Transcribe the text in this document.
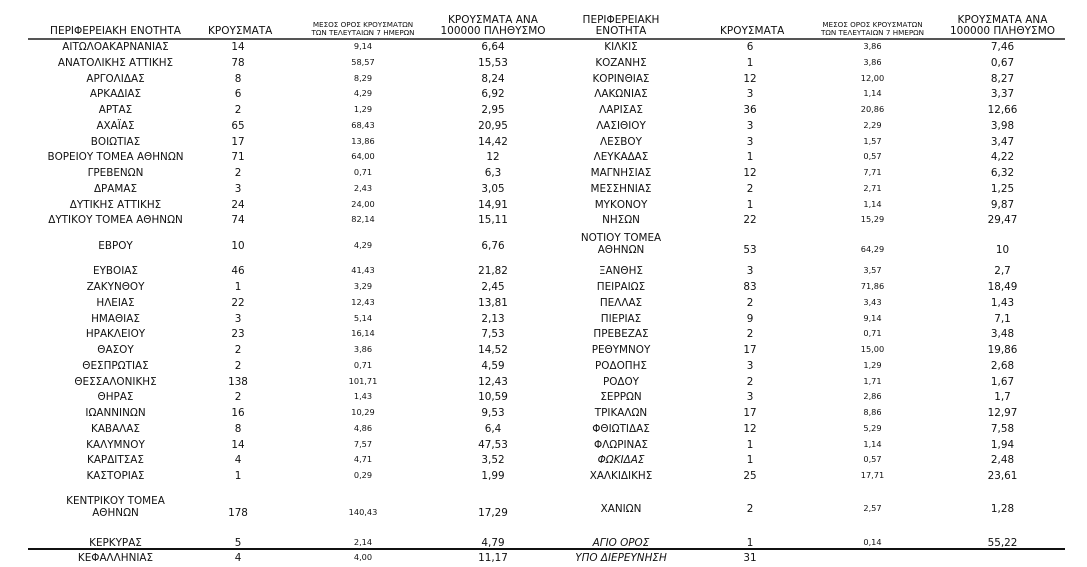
ΠΕΡΙΦΕΡΕΙΑΚΗ ΕΝΟΤΗΤΑ	ΚΡΟΥΣΜΑΤΑ
ΜΕΣΟΣ ΟΡΟΣ ΚΡΟΥΣΜΑΤΩΝ
ΤΩΝ ΤΕΛΕΥΤΑΙΩΝ 7 ΗΜΕΡΩΝ
ΚΡΟΥΣΜΑΤΑ ΑΝΑ
100000 ΠΛΗΘΥΣΜΟ
ΑΙΤΩΛΟΑΚΑΡΝΑΝΙΑΣ	14	9,14	6,64
ΑΝΑΤΟΛΙΚΗΣ ΑΤΤΙΚΗΣ	78	58,57	15,53
ΑΡΓΟΛΙΔΑΣ	8	8,29	8,24
ΑΡΚΑΔΙΑΣ	6	4,29	6,92
ΑΡΤΑΣ	2	1,29	2,95
ΑΧΑΪΑΣ	65	68,43	20,95
ΒΟΙΩΤΙΑΣ	17	13,86	14,42
ΒΟΡΕΙΟΥ ΤΟΜΕΑ ΑΘΗΝΩΝ	71	64,00	12
ΓΡΕΒΕΝΩΝ	2	0,71	6,3
ΔΡΑΜΑΣ	3	2,43	3,05
ΔΥΤΙΚΗΣ ΑΤΤΙΚΗΣ	24	24,00	14,91
ΔΥΤΙΚΟΥ ΤΟΜΕΑ ΑΘΗΝΩΝ	74	82,14	15,11
ΕΒΡΟΥ	10	4,29	6,76
ΕΥΒΟΙΑΣ	46	41,43	21,82
ΖΑΚΥΝΘΟΥ	1	3,29	2,45
ΗΛΕΙΑΣ	22	12,43	13,81
ΗΜΑΘΙΑΣ	3	5,14	2,13
ΗΡΑΚΛΕΙΟΥ	23	16,14	7,53
ΘΑΣΟΥ	2	3,86	14,52
ΘΕΣΠΡΩΤΙΑΣ	2	0,71	4,59
ΘΕΣΣΑΛΟΝΙΚΗΣ	138	101,71	12,43
ΘΗΡΑΣ	2	1,43	10,59
ΙΩΑΝΝΙΝΩΝ	16	10,29	9,53
ΚΑΒΑΛΑΣ	8	4,86	6,4
ΚΑΛΥΜΝΟΥ	14	7,57	47,53
ΚΑΡΔΙΤΣΑΣ	4	4,71	3,52
ΚΑΣΤΟΡΙΑΣ	1	0,29	1,99
ΚΕΝΤΡΙΚΟΥ ΤΟΜΕΑ
ΑΘΗΝΩΝ	178	140,43	17,29
ΚΕΡΚΥΡΑΣ	5	2,14	4,79
ΚΕΦΑΛΛΗΝΙΑΣ	4	4,00	11,17
ΠΕΡΙΦΕΡΕΙΑΚΗ
ΕΝΟΤΗΤΑ	ΚΡΟΥΣΜΑΤΑ
ΜΕΣΟΣ ΟΡΟΣ ΚΡΟΥΣΜΑΤΩΝ
ΤΩΝ ΤΕΛΕΥΤΑΙΩΝ 7 ΗΜΕΡΩΝ
ΚΡΟΥΣΜΑΤΑ ΑΝΑ
100000 ΠΛΗΘΥΣΜΟ
ΚΙΛΚΙΣ	6	3,86	7,46
ΚΟΖΑΝΗΣ	1	3,86	0,67
ΚΟΡΙΝΘΙΑΣ	12	12,00	8,27
ΛΑΚΩΝΙΑΣ	3	1,14	3,37
ΛΑΡΙΣΑΣ	36	20,86	12,66
ΛΑΣΙΘΙΟΥ	3	2,29	3,98
ΛΕΣΒΟΥ	3	1,57	3,47
ΛΕΥΚΑΔΑΣ	1	0,57	4,22
ΜΑΓΝΗΣΙΑΣ	12	7,71	6,32
ΜΕΣΣΗΝΙΑΣ	2	2,71	1,25
ΜΥΚΟΝΟΥ	1	1,14	9,87
ΝΗΣΩΝ	22	15,29	29,47
ΝΟΤΙΟΥ ΤΟΜΕΑ
ΑΘΗΝΩΝ	53	64,29	10
ΞΑΝΘΗΣ	3	3,57	2,7
ΠΕΙΡΑΙΩΣ	83	71,86	18,49
ΠΕΛΛΑΣ	2	3,43	1,43
ΠΙΕΡΙΑΣ	9	9,14	7,1
ΠΡΕΒΕΖΑΣ	2	0,71	3,48
ΡΕΘΥΜΝΟΥ	17	15,00	19,86
ΡΟΔΟΠΗΣ	3	1,29	2,68
ΡΟΔΟΥ	2	1,71	1,67
ΣΕΡΡΩΝ	3	2,86	1,7
ΤΡΙΚΑΛΩΝ	17	8,86	12,97
ΦΘΙΩΤΙΔΑΣ	12	5,29	7,58
ΦΛΩΡΙΝΑΣ	1	1,14	1,94
ΦΩΚΙΔΑΣ	1	0,57	2,48
ΧΑΛΚΙΔΙΚΗΣ	25	17,71	23,61
ΧΑΝΙΩΝ	2	2,57	1,28
ΑΓΙΟ ΟΡΟΣ	1	0,14	55,22
ΥΠΟ ΔΙΕΡΕΥΝΗΣΗ	31
